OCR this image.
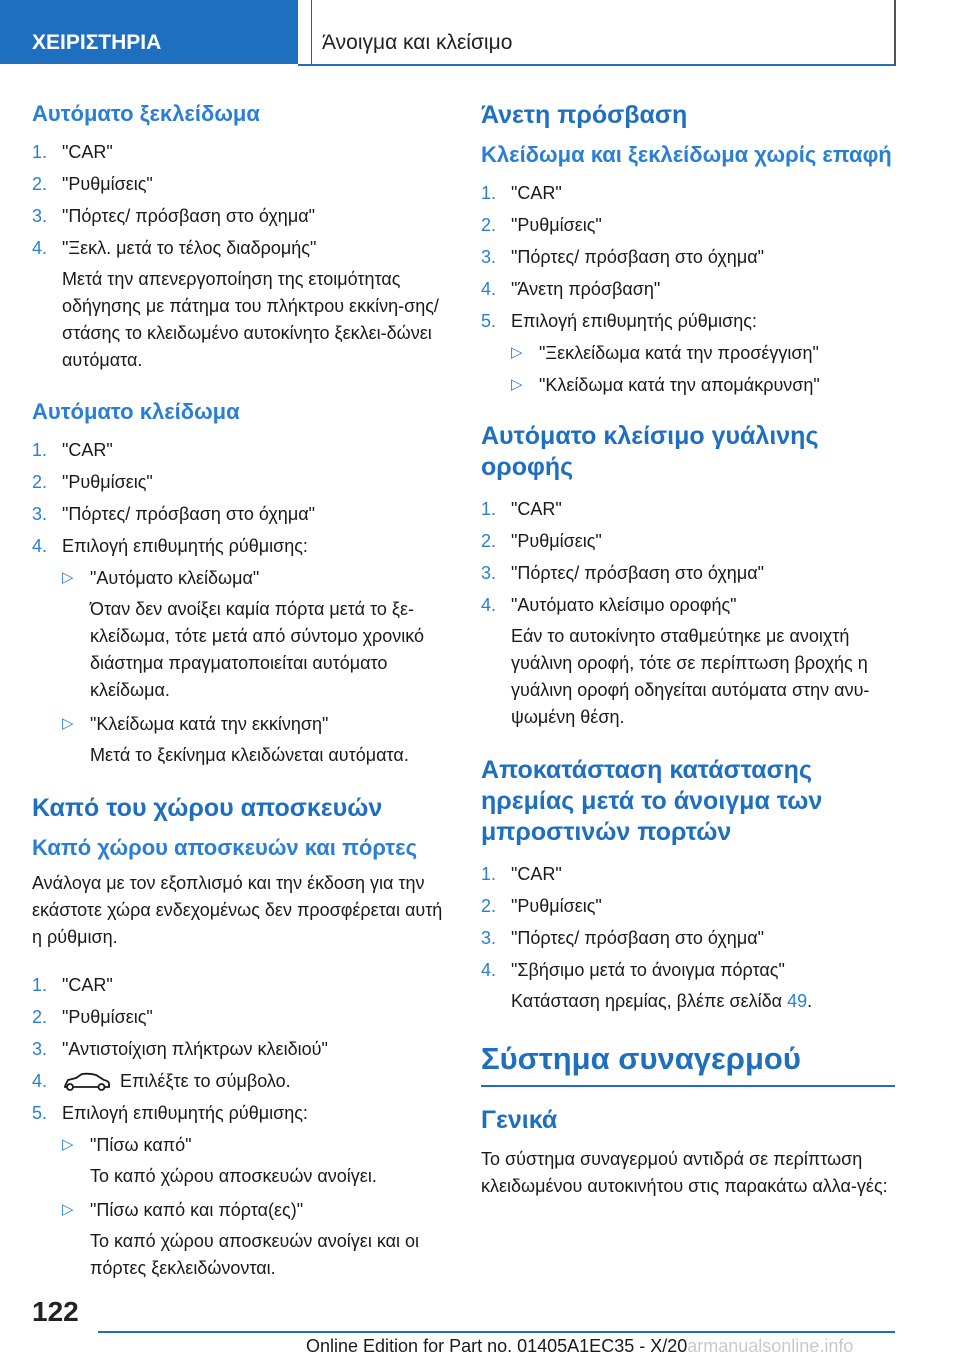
ΧΕΙΡΙΣΤΗΡΙΑ	Άνοιγμα και κλείσιμο
Αυτόματο ξεκλείδωμα
1. "CAR"
2. "Ρυθμίσεις"
3. "Πόρτες/ πρόσβαση στο όχημα"
4. "Ξεκλ. μετά το τέλος διαδρομής"
Μετά την απενεργοποίηση της ετοιμότητας οδήγησης με πάτημα του πλήκτρου εκκίνη-σης/στάσης το κλειδωμένο αυτοκίνητο ξεκλει-δώνει αυτόματα.
Αυτόματο κλείδωμα
1. "CAR"
2. "Ρυθμίσεις"
3. "Πόρτες/ πρόσβαση στο όχημα"
4. Επιλογή επιθυμητής ρύθμισης:
▷ "Αυτόματο κλείδωμα"
Όταν δεν ανοίξει καμία πόρτα μετά το ξε-κλείδωμα, τότε μετά από σύντομο χρονικό διάστημα πραγματοποιείται αυτόματο κλείδωμα.
▷ "Κλείδωμα κατά την εκκίνηση"
Μετά το ξεκίνημα κλειδώνεται αυτόματα.
Καπό του χώρου αποσκευών
Καπό χώρου αποσκευών και πόρτες
Ανάλογα με τον εξοπλισμό και την έκδοση για την εκάστοτε χώρα ενδεχομένως δεν προσφέρεται αυτή η ρύθμιση.
1. "CAR"
2. "Ρυθμίσεις"
3. "Αντιστοίχιση πλήκτρων κλειδιού"
4.	Επιλέξτε το σύμβολο.
5. Επιλογή επιθυμητής ρύθμισης:
▷ "Πίσω καπό"
Το καπό χώρου αποσκευών ανοίγει.
▷ "Πίσω καπό και πόρτα(ες)"
Το καπό χώρου αποσκευών ανοίγει και οι πόρτες ξεκλειδώνονται.
Άνετη πρόσβαση
Κλείδωμα και ξεκλείδωμα χωρίς επαφή
1. "CAR"
2. "Ρυθμίσεις"
3. "Πόρτες/ πρόσβαση στο όχημα"
4. "Άνετη πρόσβαση"
5. Επιλογή επιθυμητής ρύθμισης:
▷ "Ξεκλείδωμα κατά την προσέγγιση"
▷ "Κλείδωμα κατά την απομάκρυνση"
Αυτόματο κλείσιμο γυάλινης οροφής
1. "CAR"
2. "Ρυθμίσεις"
3. "Πόρτες/ πρόσβαση στο όχημα"
4. "Αυτόματο κλείσιμο οροφής"
Εάν το αυτοκίνητο σταθμεύτηκε με ανοιχτή γυάλινη οροφή, τότε σε περίπτωση βροχής η γυάλινη οροφή οδηγείται αυτόματα στην ανυ-ψωμένη θέση.
Αποκατάσταση κατάστασης ηρεμίας μετά το άνοιγμα των μπροστινών πορτών
1. "CAR"
2. "Ρυθμίσεις"
3. "Πόρτες/ πρόσβαση στο όχημα"
4. "Σβήσιμο μετά το άνοιγμα πόρτας"
Κατάσταση ηρεμίας, βλέπε σελίδα 49.
Σύστημα συναγερμού
Γενικά
Το σύστημα συναγερμού αντιδρά σε περίπτωση κλειδωμένου αυτοκινήτου στις παρακάτω αλλα-γές:
122
Online Edition for Part no. 01405A1EC35 - X/20armanualsonline.info
